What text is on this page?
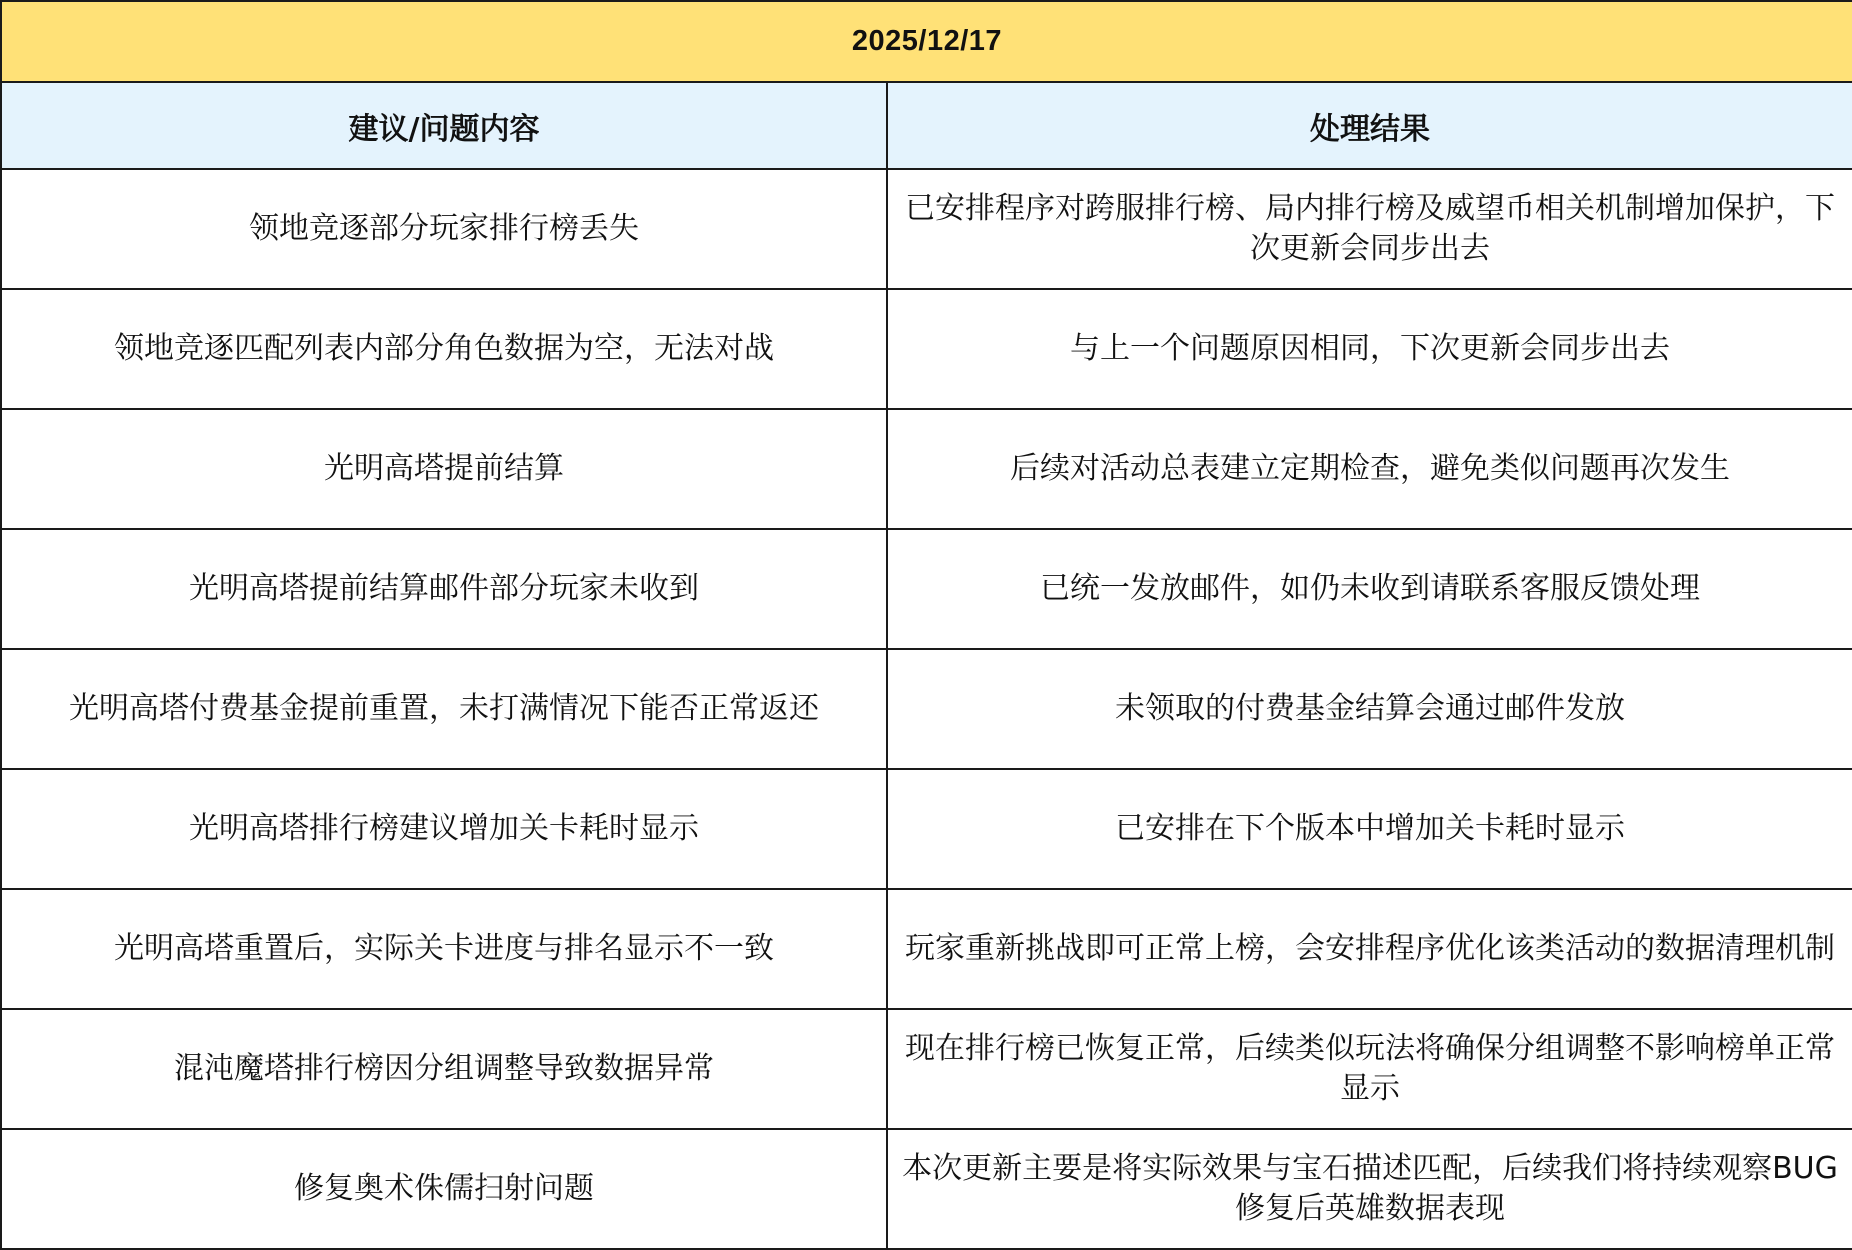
2025/12/17	
建议/问题内容	处理结果
领地竞逐部分玩家排行榜丢失	已安排程序对跨服排行榜、局内排行榜及威望币相关机制增加保护，下次更新会同步出去
领地竞逐匹配列表内部分角色数据为空，无法对战	与上一个问题原因相同，下次更新会同步出去
光明高塔提前结算	后续对活动总表建立定期检查，避免类似问题再次发生
光明高塔提前结算邮件部分玩家未收到	已统一发放邮件，如仍未收到请联系客服反馈处理
光明高塔付费基金提前重置，未打满情况下能否正常返还	未领取的付费基金结算会通过邮件发放
光明高塔排行榜建议增加关卡耗时显示	已安排在下个版本中增加关卡耗时显示
光明高塔重置后，实际关卡进度与排名显示不一致	玩家重新挑战即可正常上榜，会安排程序优化该类活动的数据清理机制
混沌魔塔排行榜因分组调整导致数据异常	现在排行榜已恢复正常，后续类似玩法将确保分组调整不影响榜单正常显示
修复奥术侏儒扫射问题	本次更新主要是将实际效果与宝石描述匹配，后续我们将持续观察BUG修复后英雄数据表现
